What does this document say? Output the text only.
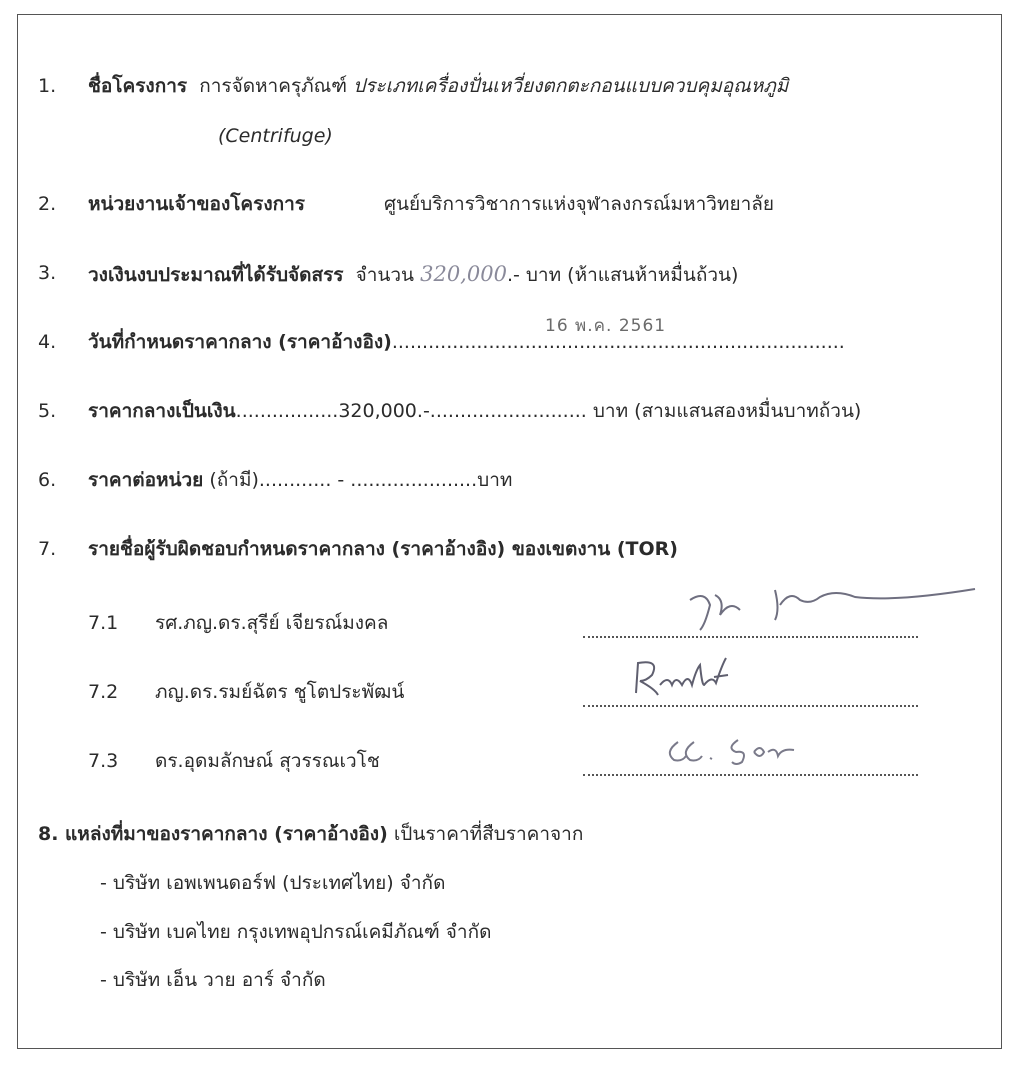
1. ชื่อโครงการ การจัดหาครุภัณฑ์ ประเภทเครื่องปั่นเหวี่ยงตกตะกอนแบบควบคุมอุณหภูมิ
(Centrifuge)
2. หน่วยงานเจ้าของโครงการ	ศูนย์บริการวิชาการแห่งจุฬาลงกรณ์มหาวิทยาลัย
3. วงเงินงบประมาณที่ได้รับจัดสรร จำนวน 320,000.- บาท (ห้าแสนห้าหมื่นถ้วน)
4. วันที่กำหนดราคากลาง (ราคาอ้างอิง)...........................................................................
16 พ.ค. 2561
5. ราคากลางเป็นเงิน.................320,000.-.......................... บาท (สามแสนสองหมื่นบาทถ้วน)
6. ราคาต่อหน่วย (ถ้ามี)............ - .....................บาท
7. รายชื่อผู้รับผิดชอบกำหนดราคากลาง (ราคาอ้างอิง) ของเขตงาน (TOR)
7.1 รศ.ภญ.ดร.สุรีย์ เจียรณ์มงคล
7.2 ภญ.ดร.รมย์ฉัตร ชูโตประพัฒน์
7.3 ดร.อุดมลักษณ์ สุวรรณเวโช
8. แหล่งที่มาของราคากลาง (ราคาอ้างอิง) เป็นราคาที่สืบราคาจาก
- บริษัท เอพเพนดอร์ฟ (ประเทศไทย) จำกัด
- บริษัท เบคไทย กรุงเทพอุปกรณ์เคมีภัณฑ์ จำกัด
- บริษัท เอ็น วาย อาร์ จำกัด
